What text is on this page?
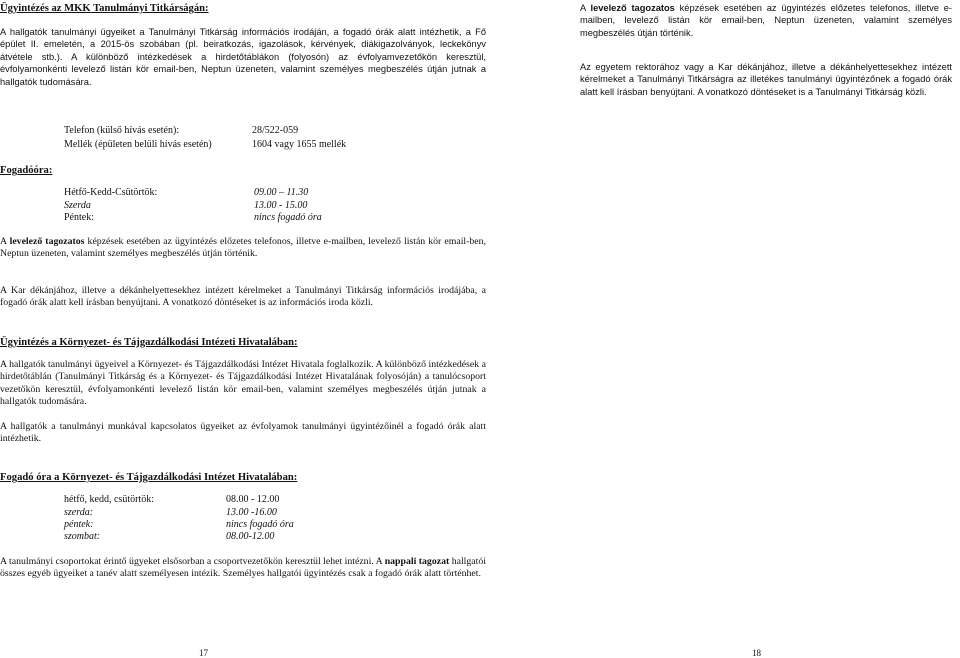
Ügyintézés az MKK Tanulmányi Titkárságán:

A hallgatók tanulmányi ügyeiket a Tanulmányi Titkárság információs irodáján, a fogadó órák alatt intézhetik, a Fő épület II. emeletén, a 2015-ös szobában (pl. beiratkozás, igazolások, kérvények, diákigazolványok, leckekönyv átvétele stb.). A különböző intézkedések a hirdetőtáblákon (folyosón) az évfolyamvezetőkön keresztül, évfolyamonkénti levelező listán kör email-ben, Neptun üzeneten, valamint személyes megbeszélés útján jutnak a hallgatók tudomására.

Telefon (külső hívás esetén):	28/522-059
Mellék (épületen belüli hívás esetén)	1604 vagy 1655 mellék

Fogadóóra:

Hétfő-Kedd-Csütörtök:	09.00 – 11.30
Szerda	13.00 - 15.00
Péntek:	nincs fogadó óra

A levelező tagozatos képzések esetében az ügyintézés előzetes telefonos, illetve e-mailben, levelező listán kör email-ben, Neptun üzeneten, valamint személyes megbeszélés útján történik.

A Kar dékánjához, illetve a dékánhelyettesekhez intézett kérelmeket a Tanulmányi Titkárság információs irodájába, a fogadó órák alatt kell írásban benyújtani. A vonatkozó döntéseket is az információs iroda közli.

Ügyintézés a Környezet- és Tájgazdálkodási Intézeti Hivatalában:

A hallgatók tanulmányi ügyeivel a Környezet- és Tájgazdálkodási Intézet Hivatala foglalkozik. A különböző intézkedések a hirdetőtáblán (Tanulmányi Titkárság és a Környezet- és Tájgazdálkodási Intézet Hivatalának folyosóján) a tanulócsoport vezetőkön keresztül, évfolyamonkénti levelező listán kör email-ben, valamint személyes megbeszélés útján jutnak a hallgatók tudomására.

A hallgatók a tanulmányi munkával kapcsolatos ügyeiket az évfolyamok tanulmányi ügyintézőinél a fogadó órák alatt intézhetik.

Fogadó óra a Környezet- és Tájgazdálkodási Intézet Hivatalában:

hétfő, kedd, csütörtök:	08.00 - 12.00
szerda:	13.00 -16.00
péntek:	nincs fogadó óra
szombat:	08.00-12.00

A tanulmányi csoportokat érintő ügyeket elsősorban a csoportvezetőkön keresztül lehet intézni. A nappali tagozat hallgatói összes egyéb ügyeiket a tanév alatt személyesen intézik. Személyes hallgatói ügyintézés csak a fogadó órák alatt történhet.

17

A levelező tagozatos képzések esetében az ügyintézés előzetes telefonos, illetve e-mailben, levelező listán kör email-ben, Neptun üzeneten, valamint személyes megbeszélés útján történik.

Az egyetem rektorához vagy a Kar dékánjához, illetve a dékánhelyettesekhez intézett kérelmeket a Tanulmányi Titkárságra az illetékes tanulmányi ügyintézőnek a fogadó órák alatt kell írásban benyújtani. A vonatkozó döntéseket is a Tanulmányi Titkárság közli.

18
